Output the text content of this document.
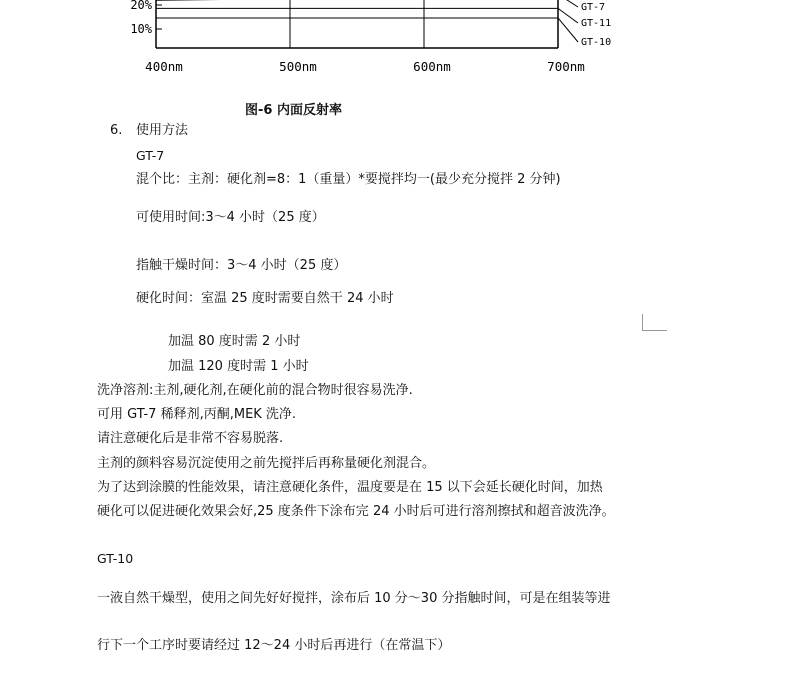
20%
10%
400nm	500nm	600nm	700nm
GT-7
GT-11
GT-10
图-6 内面反射率
6. 使用方法
GT-7
混个比：主剂：硬化剂=8：1（重量）*要搅拌均一(最少充分搅拌 2 分钟)
可使用时间:3～4 小时（25 度）
指触干燥时间：3～4 小时（25 度）
硬化时间：室温 25 度时需要自然干 24 小时
加温 80 度时需 2 小时
加温 120 度时需 1 小时
洗净溶剂:主剂,硬化剂,在硬化前的混合物时很容易洗净.
可用 GT-7 稀释剂,丙酮,MEK 洗净.
请注意硬化后是非常不容易脱落.
主剂的颜料容易沉淀使用之前先搅拌后再称量硬化剂混合。
为了达到涂膜的性能效果，请注意硬化条件，温度要是在 15 以下会延长硬化时间，加热
硬化可以促进硬化效果会好,25 度条件下涂布完 24 小时后可进行溶剂擦拭和超音波洗净。
GT-10
一液自然干燥型，使用之间先好好搅拌，涂布后 10 分～30 分指触时间，可是在组装等进
行下一个工序时要请经过 12～24 小时后再进行（在常温下）
